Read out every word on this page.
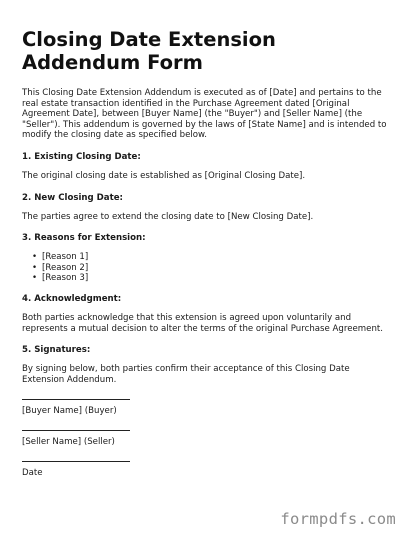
Closing Date Extension Addendum Form

This Closing Date Extension Addendum is executed as of [Date] and pertains to the real estate transaction identified in the Purchase Agreement dated [Original Agreement Date], between [Buyer Name] (the "Buyer") and [Seller Name] (the "Seller"). This addendum is governed by the laws of [State Name] and is intended to modify the closing date as specified below.

1. Existing Closing Date:

The original closing date is established as [Original Closing Date].

2. New Closing Date:

The parties agree to extend the closing date to [New Closing Date].

3. Reasons for Extension:

• [Reason 1]
• [Reason 2]
• [Reason 3]

4. Acknowledgment:

Both parties acknowledge that this extension is agreed upon voluntarily and represents a mutual decision to alter the terms of the original Purchase Agreement.

5. Signatures:

By signing below, both parties confirm their acceptance of this Closing Date Extension Addendum.

[Buyer Name] (Buyer)
[Seller Name] (Seller)
Date
formpdfs.com
